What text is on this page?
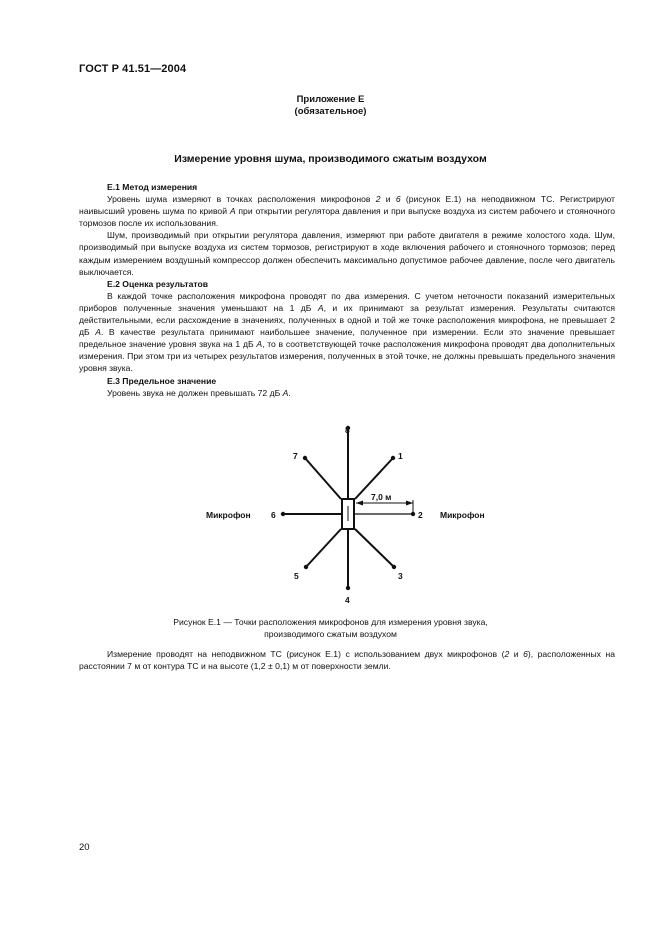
ГОСТ Р 41.51—2004
Приложение Е
(обязательное)
Измерение уровня шума, производимого сжатым воздухом
Е.1 Метод измерения

Уровень шума измеряют в точках расположения микрофонов 2 и 6 (рисунок Е.1) на неподвижном ТС. Регистрируют наивысший уровень шума по кривой А при открытии регулятора давления и при выпуске воздуха из систем рабочего и стояночного тормозов после их использования.

Шум, производимый при открытии регулятора давления, измеряют при работе двигателя в режиме холостого хода. Шум, производимый при выпуске воздуха из систем тормозов, регистрируют в ходе включения рабочего и стояночного тормозов; перед каждым измерением воздушный компрессор должен обеспечить максимально допустимое рабочее давление, после чего двигатель выключается.

Е.2 Оценка результатов

В каждой точке расположения микрофона проводят по два измерения. С учетом неточности показаний измерительных приборов полученные значения уменьшают на 1 дБ А, и их принимают за результат измерения. Результаты считаются действительными, если расхождение в значениях, полученных в одной и той же точке расположения микрофона, не превышает 2 дБ А. В качестве результата принимают наибольшее значение, полученное при измерении. Если это значение превышает предельное значение уровня звука на 1 дБ А, то в соответствующей точке расположения микрофона проводят два дополнительных измерения. При этом три из четырех результатов измерения, полученных в этой точке, не должны превышать предельного значения уровня звука.

Е.3 Предельное значение

Уровень звука не должен превышать 72 дБ А.

1
2
3
4
5
6
7
8
Микрофон	Микрофон
7,0 м
Рисунок Е.1 — Точки расположения микрофонов для измерения уровня звука,
производимого сжатым воздухом

Измерение проводят на неподвижном ТС (рисунок Е.1) с использованием двух микрофонов (2 и 6), расположенных на расстоянии 7 м от контура ТС и на высоте (1,2 ± 0,1) м от поверхности земли.

20
